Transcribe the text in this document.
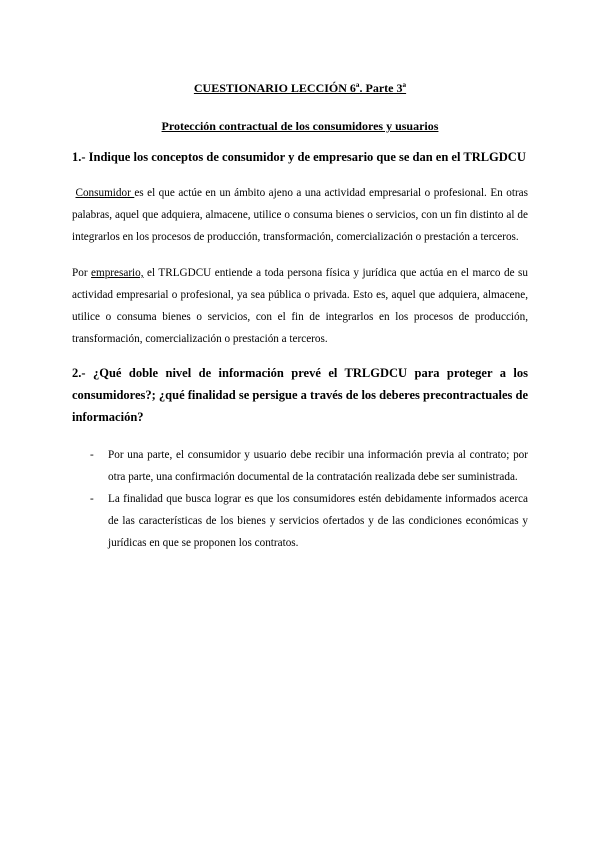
CUESTIONARIO LECCIÓN 6ª. Parte 3ª

Protección contractual de los consumidores y usuarios

1.- Indique los conceptos de consumidor y de empresario que se dan en el TRLGDCU

Consumidor es el que actúe en un ámbito ajeno a una actividad empresarial o profesional. En otras palabras, aquel que adquiera, almacene, utilice o consuma bienes o servicios, con un fin distinto al de integrarlos en los procesos de producción, transformación, comercialización o prestación a terceros.

Por empresario, el TRLGDCU entiende a toda persona física y jurídica que actúa en el marco de su actividad empresarial o profesional, ya sea pública o privada. Esto es, aquel que adquiera, almacene, utilice o consuma bienes o servicios, con el fin de integrarlos en los procesos de producción, transformación, comercialización o prestación a terceros.

2.- ¿Qué doble nivel de información prevé el TRLGDCU para proteger a los consumidores?; ¿qué finalidad se persigue a través de los deberes precontractuales de información?

- Por una parte, el consumidor y usuario debe recibir una información previa al contrato; por otra parte, una confirmación documental de la contratación realizada debe ser suministrada.
- La finalidad que busca lograr es que los consumidores estén debidamente informados acerca de las características de los bienes y servicios ofertados y de las condiciones económicas y jurídicas en que se proponen los contratos.
